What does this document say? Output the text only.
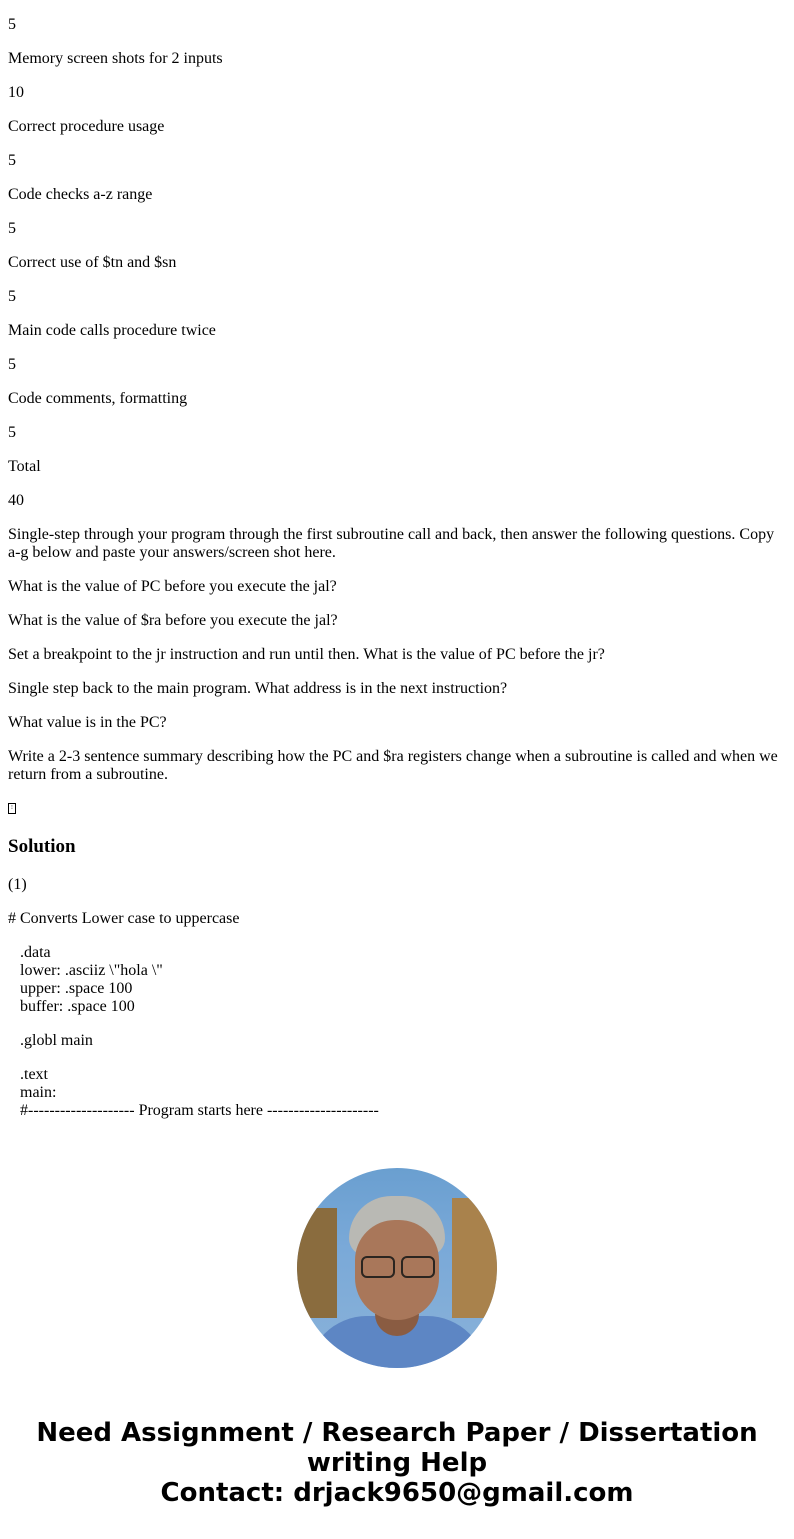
5

Memory screen shots for 2 inputs

10

Correct procedure usage

5

Code checks a-z range

5

Correct use of $tn and $sn

5

Main code calls procedure twice

5

Code comments, formatting

5

Total

40

Single-step through your program through the first subroutine call and back, then answer the following questions. Copy a-g below and paste your answers/screen shot here.

What is the value of PC before you execute the jal?

What is the value of $ra before you execute the jal?

Set a breakpoint to the jr instruction and run until then. What is the value of PC before the jr?

Single step back to the main program. What address is in the next instruction?

What value is in the PC?

Write a 2-3 sentence summary describing how the PC and $ra registers change when a subroutine is called and when we return from a subroutine.

⁝

Solution

(1)

# Converts Lower case to uppercase

.data
lower: .asciiz \"hola \"
upper: .space 100
buffer: .space 100
.globl main
.text
main:
#-------------------- Program starts here ---------------------
Need Assignment / Research Paper / Dissertation
writing Help
Contact: drjack9650@gmail.com
